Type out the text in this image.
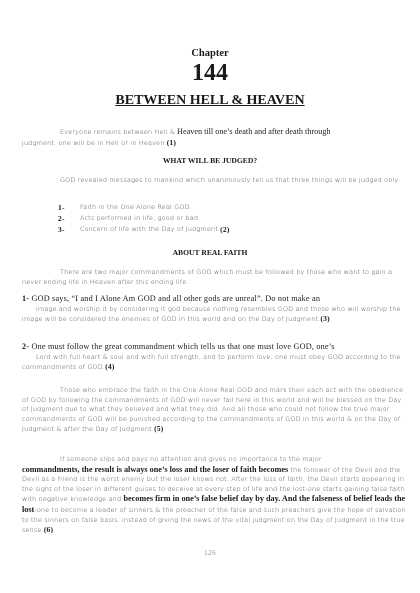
Chapter
144
BETWEEN HELL & HEAVEN
Everyone remains between Hell & Heaven till one’s death and after death through
judgment, one will be in Hell or in Heaven.(1)
WHAT WILL BE JUDGED?
GOD revealed messages to mankind which unanimously tell us that three things will be judged only:
1-	Faith in the One Alone Real GOD.
2-	Acts performed in life, good or bad.
3-	Concern of life with the Day of Judgment. (2)
ABOUT REAL FAITH
There are two major commandments of GOD which must be followed by those who want to gain a never ending life in Heaven after this ending life.
1- GOD says, “I and I Alone Am GOD and all other gods are unreal”. Do not make an
image and worship it by considering it god because nothing resembles GOD and those who will worship the image will be considered the enemies of GOD in this world and on the Day of Judgment.(3)
2- One must follow the great commandment which tells us that one must love GOD, one’s
Lord with full heart & soul and with full strength, and to perform love, one must obey GOD according to the commandments of GOD.(4)
Those who embrace the faith in the One Alone Real GOD and mark their each act with the obedience of GOD by following the commandments of GOD will never fail here in this world and will be blessed on the Day of Judgment due to what they believed and what they did. And all those who could not follow the true major commandments of GOD will be punished according to the commandments of GOD in this world & on the Day of Judgment & after the Day of Judgment.(5)
If someone slips and pays no attention and gives no importance to the major
commandments, the result is always one’s loss and the loser of faith becomes the follower of the Devil and the Devil as a friend is the worst enemy but the loser knows not. After the loss of faith, the Devil starts appearing in the sight of the loser in different guises to deceive at every step of life and the lost-one starts gaining false faith with negative knowledge and becomes firm in one’s false belief day by day. And the falseness of belief leads the lost-one to become a leader of sinners & the preacher of the false and such preachers give the hope of salvation to the sinners on false basis, instead of giving the news of the vital judgment on the Day of Judgment in the true sense.(6)
126
